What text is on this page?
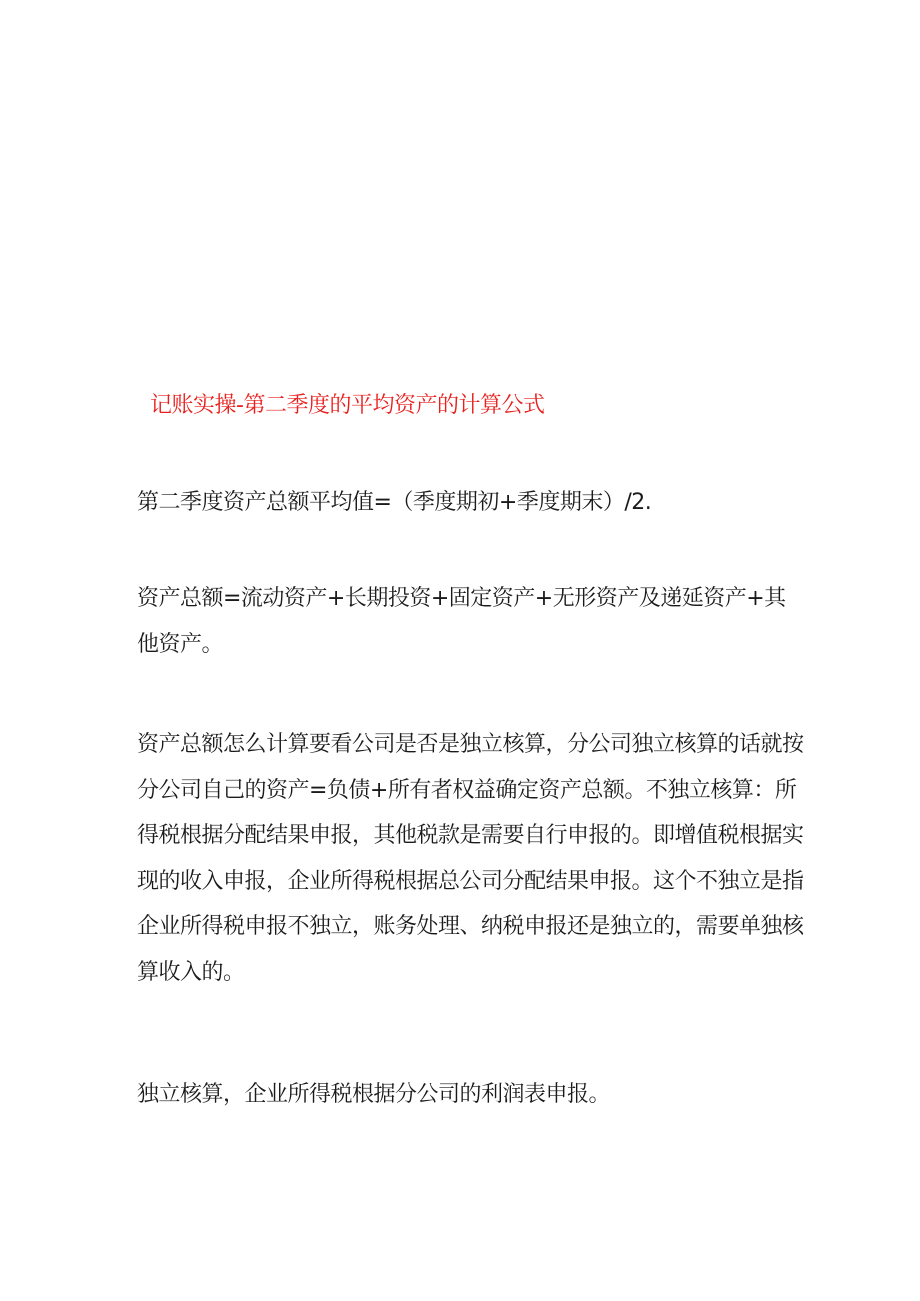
记账实操-第二季度的平均资产的计算公式
第二季度资产总额平均值=（季度期初+季度期末）/2.
资产总额=流动资产+长期投资+固定资产+无形资产及递延资产+其他资产。
资产总额怎么计算要看公司是否是独立核算，分公司独立核算的话就按分公司自己的资产=负债+所有者权益确定资产总额。不独立核算：所得税根据分配结果申报，其他税款是需要自行申报的。即增值税根据实现的收入申报，企业所得税根据总公司分配结果申报。这个不独立是指企业所得税申报不独立，账务处理、纳税申报还是独立的，需要单独核算收入的。
独立核算，企业所得税根据分公司的利润表申报。
